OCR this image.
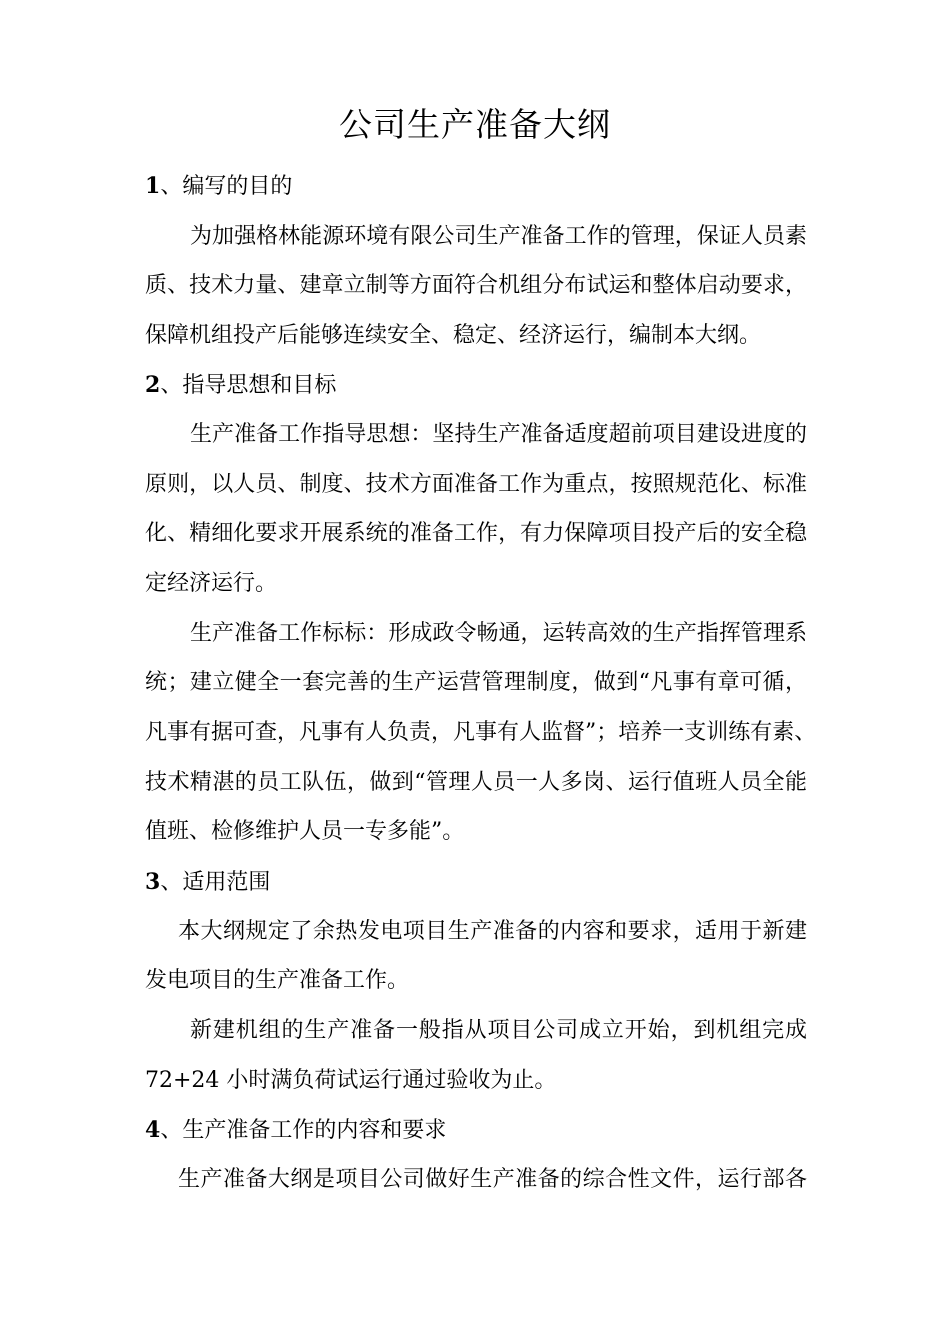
公司生产准备大纲
1、编写的目的
为加强格林能源环境有限公司生产准备工作的管理，保证人员素
质、技术力量、建章立制等方面符合机组分布试运和整体启动要求，
保障机组投产后能够连续安全、稳定、经济运行，编制本大纲。
2、指导思想和目标
生产准备工作指导思想：坚持生产准备适度超前项目建设进度的
原则，以人员、制度、技术方面准备工作为重点，按照规范化、标准
化、精细化要求开展系统的准备工作，有力保障项目投产后的安全稳
定经济运行。
生产准备工作标标：形成政令畅通，运转高效的生产指挥管理系
统；建立健全一套完善的生产运营管理制度，做到“凡事有章可循，
凡事有据可查，凡事有人负责，凡事有人监督”；培养一支训练有素、
技术精湛的员工队伍，做到“管理人员一人多岗、运行值班人员全能
值班、检修维护人员一专多能”。
3、适用范围
本大纲规定了余热发电项目生产准备的内容和要求，适用于新建
发电项目的生产准备工作。
新建机组的生产准备一般指从项目公司成立开始，到机组完成
72+24 小时满负荷试运行通过验收为止。
4、生产准备工作的内容和要求
生产准备大纲是项目公司做好生产准备的综合性文件，运行部各
